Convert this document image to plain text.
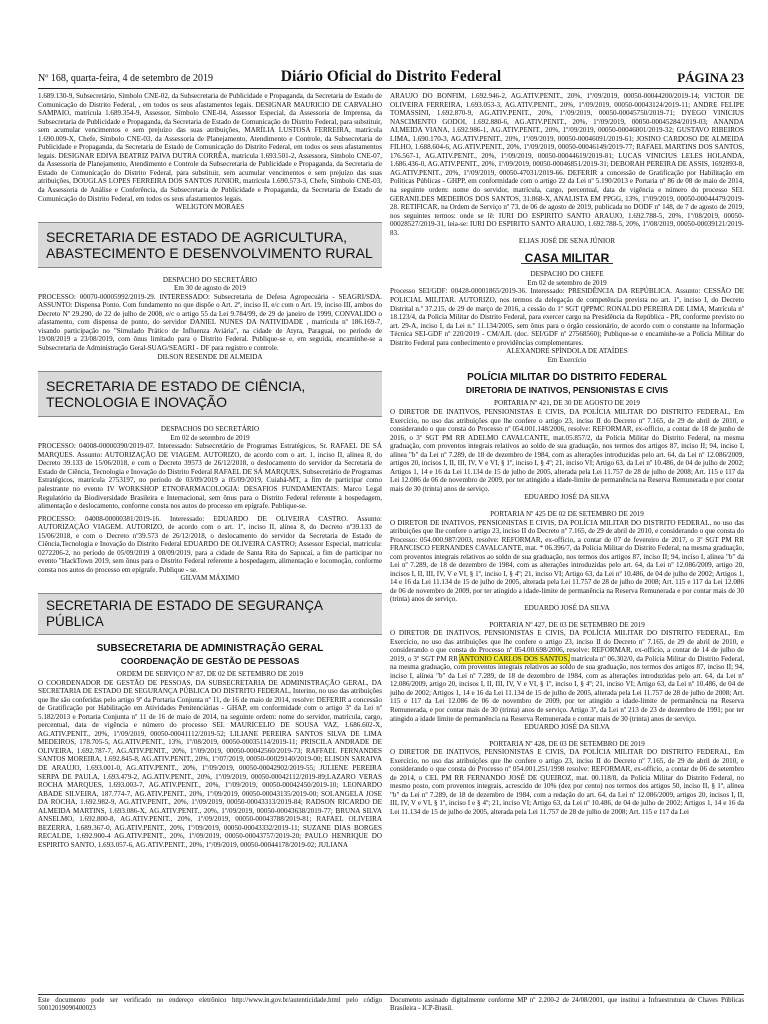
Nº 168, quarta-feira, 4 de setembro de 2019	Diário Oficial do Distrito Federal	PÁGINA 23

1.689.130-9, Subsecretário, Símbolo CNE-02, da Subsecretaria de Publicidade e Propaganda, da Secretaria de Estado de Comunicação do Distrito Federal, , em todos os seus afastamentos legais. DESIGNAR MAURICIO DE CARVALHO SAMPAIO, matrícula 1.689.354-9, Assessor, Símbolo CNE-04, Assessor Especial, da Assessoria de Imprensa, da Subsecretaria de Publicidade e Propaganda, da Secretaria de Estado de Comunicação do Distrito Federal, para substituir, sem acumular vencimentos e sem prejuízo das suas atribuições, MARÍLIA LUSTOSA FERREIRA, matrícula 1.690.009-X, Chefe, Símbolo CNE-03, da Assessoria de Planejamento, Atendimento e Controle, da Subsecretaria de Publicidade e Propaganda, da Secretaria de Estado de Comunicação do Distrito Federal, em todos os seus afastamentos legais. DESIGNAR EDIVA BEATRIZ PAIVA DUTRA CORRÊA, matrícula 1.693.501-2, Assessora, Símbolo CNE-07, da Assessoria de Planejamento, Atendimento e Controle da Subsecretaria de Publicidade e Propaganda, da Secretaria de Estado de Comunicação do Distrito Federal, para substituir, sem acumular vencimentos e sem prejuízo das suas atribuições, DOUGLAS LOPES FERREIRA DOS SANTOS JUNIOR, matrícula 1.690.573-3, Chefe, Símbolo CNE-03, da Assessoria de Análise e Conferência, da Subsecretaria de Publicidade e Propaganda, da Secretaria de Estado de Comunicação do Distrito Federal, em todos os seus afastamentos legais.

WELIGTON MORAES

SECRETARIA DE ESTADO DE AGRICULTURA, ABASTECIMENTO E DESENVOLVIMENTO RURAL

DESPACHO DO SECRETÁRIO

Em 30 de agosto de 2019

PROCESSO: 00070-00005992/2019-29. INTERESSADO: Subsecretaria de Defesa Agropecuária - SEAGRI/SDA. ASSUNTO: Dispensa Ponto. Com fundamento no que dispõe o Art. 2º, inciso II, e/c com o Art. 19, inciso III, ambos do Decreto Nº 29.290, de 22 de julho de 2008, e/c o artigo 55 da Lei 9.784/99, de 29 de janeiro de 1999, CONVALIDO o afastamento, com dispensa de ponto, do servidor DANIEL NUNES DA NATIVIDADE , matrícula nº 186.169-7, visando participação no "Simulado Prático de Influenza Aviária", na cidade de Atyra, Paraguai, no período de 19/08/2019 a 23/08/2019, com ônus limitado para o Distrito Federal. Publique-se e, em seguida, encaminhe-se a Subsecretaria de Administração Geral-SUAG/SEAGRI - DF para registro e controle.

DILSON RESENDE DE ALMEIDA

SECRETARIA DE ESTADO DE CIÊNCIA, TECNOLOGIA E INOVAÇÃO

DESPACHOS DO SECRETÁRIO

Em 02 de setembro de 2019

PROCESSO: 04008-00000390/2019-07. Interessado: Subsecretário de Programas Estratégicos, Sr. RAFAEL DE SÁ MARQUES. Assunto: AUTORIZAÇÃO DE VIAGEM. AUTORIZO, de acordo com o art. 1, inciso II, alínea 8, do Decreto 39.133 de 15/06/2018, e com o Decreto 39573 de 26/12/2018, o deslocamento do servidor da Secretaria de Estado de Ciência, Tecnologia e Inovação do Distrito Federal RAFAEL DE SÁ MARQUES, Subsecretário de Programas Estratégicos, matrícula 2753197, no período de 03/09/2019 a 05/09/2019, Cuiabá-MT, a fim de participar como palestrante no evento IV WORKSHOP ETNOFARMACOLOGIA: DESAFIOS FUNDAMENTAIS: Marco Legal Regulatório da Biodiversidade Brasileira e Internacional, sem ônus para o Distrito Federal referente à hospedagem, alimentação e deslocamento, conforme consta nos autos do processo em epígrafe. Publique-se.

PROCESSO: 04008-00000381/2019-16. Interessado: EDUARDO DE OLIVEIRA CASTRO. Assunto: AUTORIZAÇÃO VIAGEM. AUTORIZO, de acordo com o art. 1º, inciso II, alínea 8, do Decreto nº39.133 de 15/06/2018, e com o Decreto nº39.573 de 26/12/2018, o deslocamento do servidor da Secretaria de Estado de Ciência,Tecnologia e Inovação do Distrito Federal EDUARDO DE OLIVEIRA CASTRO; Assessor Especial, matrícula: 0272206-2, no período de 05/09/2019 à 08/09/2019, para a cidade de Santa Rita do Sapucaí, a fim de participar no evento "HackTown 2019, sem ônus para o Distrito Federal referente a hospedagem, alimentação e locomoção, conforme consta nos autos do processo em epígrafe. Publique - se.

GILVAM MÁXIMO

SECRETARIA DE ESTADO DE SEGURANÇA PÚBLICA
SUBSECRETARIA DE ADMINISTRAÇÃO GERAL
COORDENAÇÃO DE GESTÃO DE PESSOAS

ORDEM DE SERVIÇO Nº 87, DE 02 DE SETEMBRO DE 2019

O COORDENADOR DE GESTÃO DE PESSOAS, DA SUBSECRETARIA DE ADMINISTRAÇÃO GERAL, DA SECRETARIA DE ESTADO DE SEGURANÇA PÚBLICA DO DISTRITO FEDERAL, Interino, no uso das atribuições que lhe são conferidas pelo artigo 9º da Portaria Conjunta nº 11, de 16 de maio de 2014, resolve: DEFERIR a concessão de Gratificação por Habilitação em Atividades Penitenciárias - GHAP, em conformidade com o artigo 3º da Lei nº 5.182/2013 e Portaria Conjunta nº 11 de 16 de maio de 2014, na seguinte ordem: nome do servidor, matrícula, cargo, percentual, data de vigência e número do processo SEI. MAURICELIO DE SOUSA VAZ, 1.686.602-X, AG.ATIV.PENIT., 20%, 1º/09/2019, 00050-00041112/2019-52; LILIANE PEREIRA SANTOS SILVA DE LIMA MEDEIROS, 178.705-5, AG.ATIV.PENIT., 13%, 1º/08/2019, 00050-00035114/2019-11; PRISCILA ANDRADE DE OLIVEIRA, 1.692.787-7, AG.ATIV.PENIT., 20%, 1º/09/2019, 00050-00042560/2019-73; RAFFAEL FERNANDES SANTOS MOREIRA, 1.692.845-8, AG.ATIV.PENIT., 20%, 1º/07/2019, 00050-00029140/2019-00; ELISON SARAIVA DE ARAUJO, 1.693.001-0, AG.ATIV.PENIT., 20%, 1º/09/2019, 00050-00042902/2019-55; JULIENE PEREIRA SERPA DE PAULA, 1.693.479-2, AG.ATIV.PENIT., 20%, 1º/09/2019, 00050-00042112/2019-89;LAZARO VERAS ROCHA MARQUES, 1.693.003-7, AG.ATIV.PENIT., 20%, 1º/09/2019, 00050-00042450/2019-10; LEONARDO ABADE SILVEIRA, 187.774-7, AG.ATIV.PENIT., 20%, 1º/09/2019, 00050-00043135/2019-00; SOLANGELA JOSE DA ROCHA, 1.692.982-9, AG.ATIV.PENIT., 20%, 1º/09/2019, 00050-00043313/2019-84; RADSON RICARDO DE ALMEIDA MARTINS, 1.693.086-X, AG.ATIV.PENIT., 20%, 1º/09/2019, 00050-00043638/2019-77; BRUNA SILVA ANSELMO, 1.692.800-8, AG.ATIV.PENIT., 20%, 1º/09/2019, 00050-00043788/2019-81; RAFAEL OLIVEIRA BEZERRA, 1.689.367-0, AG.ATIV.PENIT., 20%, 1º/09/2019, 00050-00043332/2019-11; SUZANE DIAS BORGES RECALDE, 1.692.900-4 AG.ATIV.PENIT., 20%, 1º/09/2019, 00050-00043757/2019-20; PAULO HENRIQUE DO ESPIRITO SANTO, 1.693.057-6, AG.ATIV.PENIT., 20%, 1º/09/2019, 00050-00044178/2019-02; JULIANA

ARAUJO DO BONFIM, 1.692.946-2, AG.ATIV.PENIT., 20%, 1º/09/2019, 00050-00044200/2019-14; VICTOR DE OLIVEIRA FERREIRA, 1.693.053-3, AG.ATIV.PENIT., 20%, 1º/09/2019, 00050-00043124/2019-11; ANDRE FELIPE TOMASSINI, 1.692.870-9, AG.ATIV.PENIT., 20%, 1º/09/2019, 00050-00045750/2019-71; DYEGO VINICIUS NASCIMENTO GODOI, 1.692.880-6, AG.ATIV.PENIT., 20%, 1º/09/2019, 00050-00045284/2019-03; ANANDA ALMEIDA VIANA, 1.692.986-1, AG.ATIV.PENIT., 20%, 1º/09/2019, 00050-00046001/2019-32; GUSTAVO RIBEIROS LIMA, 1.690.170-3, AG.ATIV.PENIT., 20%, 1º/09/2019, 00050-00046091/2019-61; JOSINO CARDOSO DE ALMEIDA FILHO, 1.688.604-6, AG.ATIV.PENIT., 20%, 1º/09/2019, 00050-00046149/2019-77; RAFAEL MARTINS DOS SANTOS, 176.567-1, AG.ATIV.PENIT., 20%, 1º/09/2019, 00050-00044619/2019-81; LUCAS VINICIUS LELES HOLANDA, 1.686.436-0, AG.ATIV.PENIT., 20%, 1º/09/2019, 00050-00046851/2019-31; DEBORAH PEREIRA DE ASSIS, 1692893-8, AG.ATIV.PENIT., 20%, 1º/09/2019, 00050-47031/2019-66. DEFERIR a concessão de Gratificação por Habilitação em Políticas Públicas - GHPP, em conformidade com o artigo 22 da Lei nº 5.190/2013 e Portaria nº 86 de 08 de maio de 2014, na seguinte ordem: nome do servidor, matrícula, cargo, percentual, data de vigência e número do processo SEI. GERANILDES MEDEIROS DOS SANTOS, 31.868-X, ANALISTA EM PPGG, 13%, 1º/09/2019, 00050-00044479/2019-28. RETIFICAR, na Ordem de Serviço nº 73, de 06 de agosto de 2019, publicada no DODF nº 148, de 7 de agosto de 2019, nos seguintes termos: onde se lê: IURI DO ESPIRITO SANTO ARAUJO, 1.692.788-5, 20%, 1º/08/2019, 00050- 00028527/2019-31, leia-se: IURI DO ESPIRITO SANTO ARAUJO, 1.692.788-5, 20%, 1º/08/2019, 00050-00039121/2019-83.

ELIAS JOSÉ DE SENA JÚNIOR

CASA MILITAR

DESPACHO DO CHEFE

Em 02 de setembro de 2019

Processo SEI/GDF: 00428-00001865/2019-36. Interessado: PRESIDÊNCIA DA REPÚBLICA. Assunto: CESSÃO DE POLICIAL MILITAR. AUTORIZO, nos termos da delegação de competência prevista no art. 1º, inciso I, do Decreto Distrital n.º 37.215, de 29 de março de 2016, a cessão do 1º SGT QPPMC RONALDO PEREIRA DE LIMA, Matrícula nº 18.123/4, da Polícia Militar do Distrito Federal, para exercer cargo na Presidência da República - PR, conforme previsto no art. 29-A, inciso I, da Lei n.º 11.134/2005, sem ônus para o órgão cessionário, de acordo com o constante na Informação Técnica SEI-GDF nº 220/2019 - CM/AJL (doc. SEI/GDF nº 27568560); Publique-se e encaminhe-se a Polícia Militar do Distrito Federal para conhecimento e providências complementares.

ALEXANDRE SPÍNDOLA DE ATAÍDES

Em Exercício

POLÍCIA MILITAR DO DISTRITO FEDERAL
DIRETORIA DE INATIVOS, PENSIONISTAS E CIVIS

PORTARIA Nº 421, DE 30 DE AGOSTO DE 2019

O DIRETOR DE INATIVOS, PENSIONISTAS E CIVIS, DA POLÍCIA MILITAR DO DISTRITO FEDERAL, Em Exercício, no uso das atribuições que lhe confere o artigo 23, inciso II do Decreto nº 7.165, de 29 de abril de 2010, e considerando o que consta do Processo nº 054.001.148/2006, resolve: REFORMAR, ex-officio, a contar de 18 de junho de 2016, o 3º SGT PM RR ADELMO CAVALCANTE, mat.05.857/2, da Polícia Militar do Distrito Federal, na mesma graduação, com proventos integrais relativos ao soldo de sua graduação, nos termos dos artigos 87, inciso II; 94, inciso I, alínea "b" da Lei nº 7.289, de 18 de dezembro de 1984, com as alterações introduzidas pelo art. 64, da Lei nº 12.086/2009, artigos 20, incisos I, II, III, IV, V e VI, § 1º, inciso I, § 4º; 21, inciso VI; Artigo 63, da Lei nº 10.486, de 04 de julho de 2002; Artigos 1, 14 e 16 da Lei 11.134 de 15 de julho de 2005, alterada pela Lei 11.757 de 28 de julho de 2008; Art. 115 e 117 da Lei 12.086 de 06 de novembro de 2009, por ter atingido a idade-limite de permanência na Reserva Remunerada e por contar mais de 30 (trinta) anos de serviço.

EDUARDO JOSÉ DA SILVA

PORTARIA Nº 425 DE 02 DE SETEMBRO DE 2019

O DIRETOR DE INATIVOS, PENSIONISTAS E CIVIS, DA POLÍCIA MILITAR DO DISTRITO FEDERAL, no uso das atribuições que lhe confere o artigo 23, inciso II do Decreto nº 7.165, de 29 de abril de 2010, e considerando o que consta do Processo: 054.000.987/2003, resolve: REFORMAR, ex-officio, a contar de 07 de fevereiro de 2017, o 3º SGT PM RR FRANCISCO FERNANDES CAVALCANTE, mat. * 06.396/7, da Polícia Militar do Distrito Federal, na mesma graduação, com proventos integrais relativos ao soldo de sua graduação, nos termos dos artigos 87, inciso II; 94, inciso I, alínea "b" da Lei nº 7.289, de 18 de dezembro de 1984, com as alterações introduzidas pelo art. 64, da Lei nº 12.086/2009, artigo 20, incisos I, II, III, IV, V e VI, § 1º, inciso I, § 4º; 21, inciso VI; Artigo 63, da Lei nº 10.486, de 04 de julho de 2002; Artigos 1, 14 e 16 da Lei 11.134 de 15 de julho de 2005, alterada pela Lei 11.757 de 28 de julho de 2008; Art. 115 e 117 da Lei 12.086 de 06 de novembro de 2009, por ter atingido a idade-limite de permanência na Reserva Remunerada e por contar mais de 30 (trinta) anos de serviço.

EDUARDO JOSÉ DA SILVA

PORTARIA Nº 427, DE 03 DE SETEMBRO DE 2019

O DIRETOR DE INATIVOS, PENSIONISTAS E CIVIS, DA POLÍCIA MILITAR DO DISTRITO FEDERAL, Em Exercício, no uso das atribuições que lhe confere o artigo 23, inciso II do Decreto nº 7.165, de 29 de abril de 2010, e considerando o que consta do Processo nº 054.00.698/2006, resolve: REFORMAR, ex-officio, a contar de 14 de julho de 2019, o 3º SGT PM RR ANTONIO CARLOS DOS SANTOS, matrícula nº 06.302/0, da Polícia Militar do Distrito Federal, na mesma graduação, com proventos integrais relativos ao soldo de sua graduação, nos termos dos artigos 87, inciso II; 94, inciso I, alínea "b" da Lei nº 7.289, de 18 de dezembro de 1984, com as alterações introduzidas pelo art. 64, da Lei nº 12.086/2009, artigo 20, incisos I, II, III, IV, V e VI, § 1º, inciso I, § 4º; 21, inciso VI; Artigo 63, da Lei nº 10.486, de 04 de julho de 2002; Artigos 1, 14 e 16 da Lei 11.134 de 15 de julho de 2005, alterada pela Lei 11.757 de 28 de julho de 2008; Art. 115 e 117 da Lei 12.086 de 06 de novembro de 2009, por ter atingido a idade-limite de permanência na Reserva Remunerada, e por contar mais de 30 (trinta) anos de serviço. Artigo 3º, da Lei nº 213 de 23 de dezembro de 1991; por ter atingido a idade limite de permanência na Reserva Remunerada e contar mais de 30 (trinta) anos de serviço.

EDUARDO JOSÉ DA SILVA

PORTARIA Nº 428, DE 03 DE SETEMBRO DE 2019

O DIRETOR DE INATIVOS, PENSIONISTAS E CIVIS, DA POLÍCIA MILITAR DO DISTRITO FEDERAL, Em Exercício, no uso das atribuições que lhe confere o artigo 23, inciso II do Decreto nº 7.165, de 29 de abril de 2010, e considerando o que consta do Processo nº 054.001.251/1998 resolve: REFORMAR, ex-officio, a contar de 06 de setembro de 2014, o CEL PM RR FERNANDO JOSÉ DE QUEIROZ, mat. 00.118/8, da Polícia Militar do Distrito Federal, no mesmo posto, com proventos integrais, acrescido de 10% (dez por cento) nos termos dos artigos 50, inciso II, § 1º, alínea "b" da Lei nº 7.289, de 18 de dezembro de 1984, com a redação do art. 64, da Lei nº 12.086/2009, artigos 20, incisos I, II, III, IV, V e VI, § 1º, inciso I e § 4º; 21, inciso VI; Artigo 63, da Lei nº 10.486, de 04 de julho de 2002; Artigos 1, 14 e 16 da Lei 11.134 de 15 de julho de 2005, alterada pela Lei 11.757 de 28 de julho de 2008; Art. 115 e 117 da Lei

Este documento pode ser verificado no endereço eletrônico http://www.in.gov.br/autenticidade.html pelo código 50012019090400023
Documento assinado digitalmente conforme MP nº 2.200-2 de 24/08/2001, que institui a Infraestrutura de Chaves Públicas Brasileira - ICP-Brasil.
